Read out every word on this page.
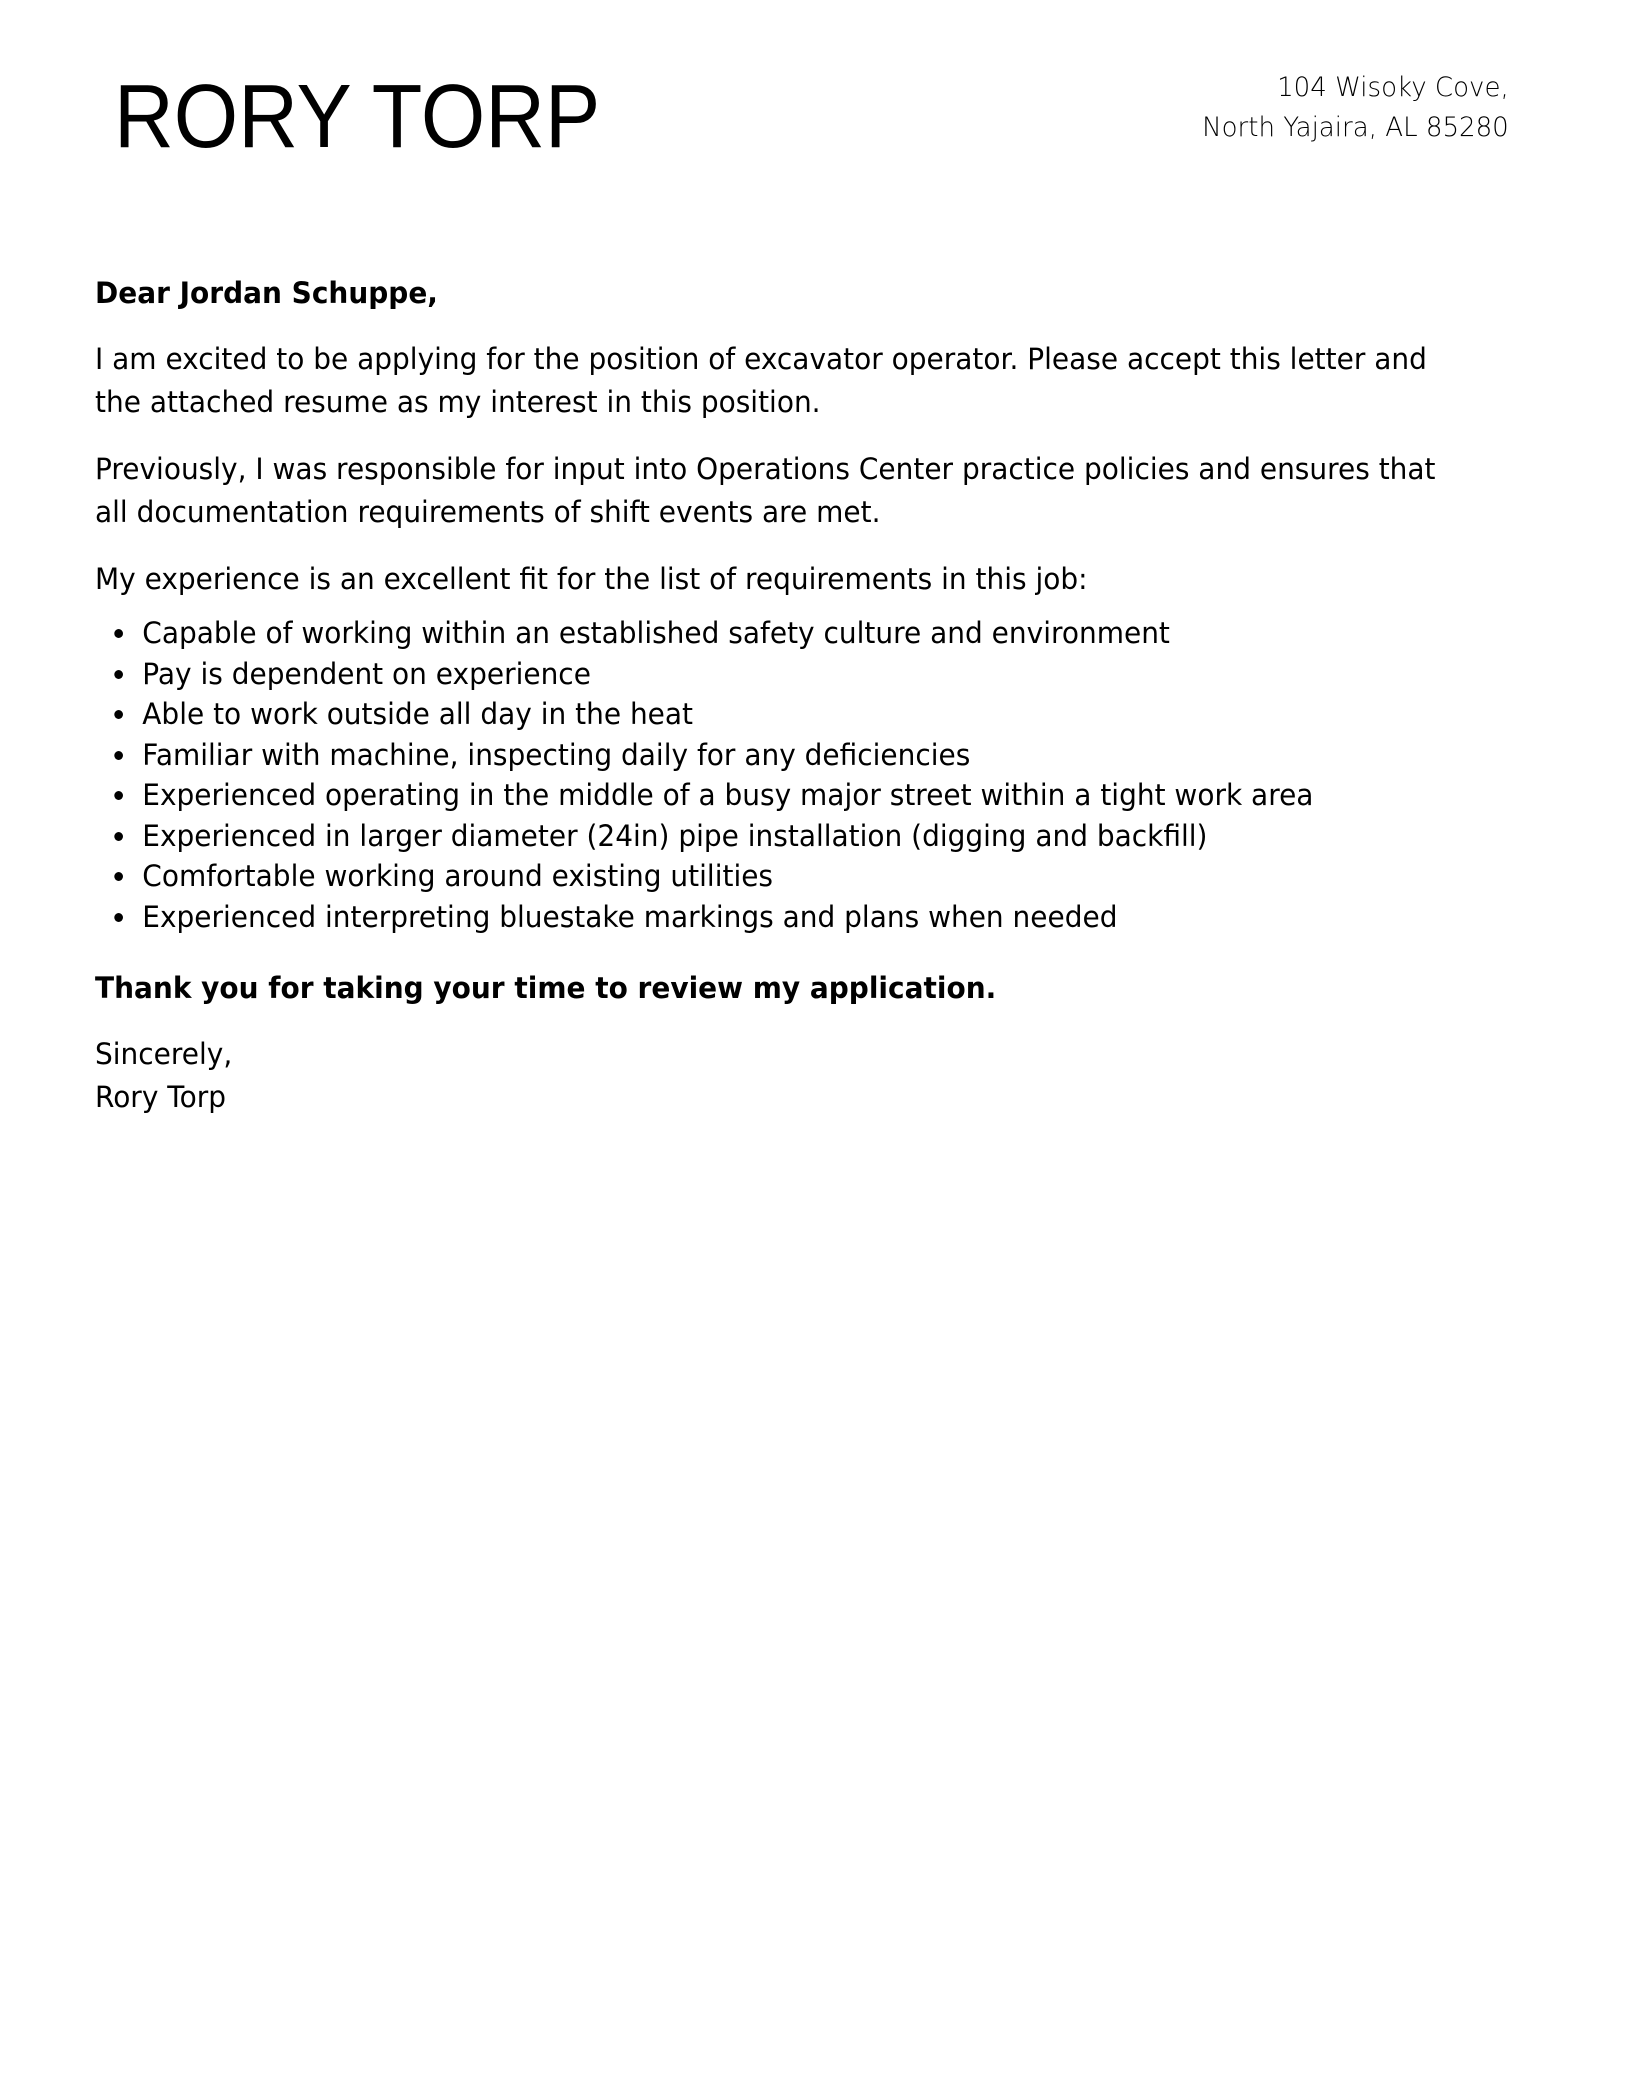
RORY TORP	104 Wisoky Cove,
North Yajaira, AL 85280

Dear Jordan Schuppe,

I am excited to be applying for the position of excavator operator. Please accept this letter and the attached resume as my interest in this position.

Previously, I was responsible for input into Operations Center practice policies and ensures that all documentation requirements of shift events are met.

My experience is an excellent fit for the list of requirements in this job:

Capable of working within an established safety culture and environment
Pay is dependent on experience
Able to work outside all day in the heat
Familiar with machine, inspecting daily for any deficiencies
Experienced operating in the middle of a busy major street within a tight work area
Experienced in larger diameter (24in) pipe installation (digging and backfill)
Comfortable working around existing utilities
Experienced interpreting bluestake markings and plans when needed

Thank you for taking your time to review my application.

Sincerely,

Rory Torp
